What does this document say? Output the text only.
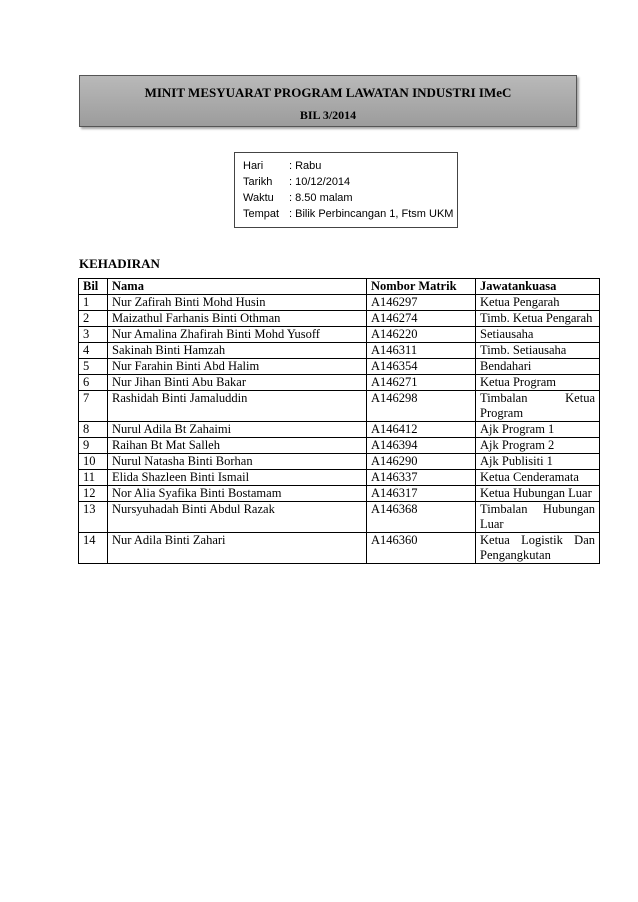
MINIT MESYUARAT PROGRAM LAWATAN INDUSTRI IMeC
BIL 3/2014
Hari	: Rabu
Tarikh	: 10/12/2014
Waktu	: 8.50 malam
Tempat : Bilik Perbincangan 1, Ftsm UKM
KEHADIRAN
Bil	Nama	Nombor Matrik	Jawatankuasa
1	Nur Zafirah Binti Mohd Husin	A146297	Ketua Pengarah
2	Maizathul Farhanis Binti Othman	A146274	Timb. Ketua Pengarah
3	Nur Amalina Zhafirah Binti Mohd Yusoff	A146220	Setiausaha
4	Sakinah Binti Hamzah	A146311	Timb. Setiausaha
5	Nur Farahin Binti Abd Halim	A146354	Bendahari
6	Nur Jihan Binti Abu Bakar	A146271	Ketua Program
7	Rashidah Binti Jamaluddin	A146298	Timbalan Ketua
Program

8	Nurul Adila Bt Zahaimi	A146412	Ajk Program 1
9	Raihan Bt Mat Salleh	A146394	Ajk Program 2
10	Nurul Natasha Binti Borhan	A146290	Ajk Publisiti 1
11	Elida Shazleen Binti Ismail	A146337	Ketua Cenderamata
12	Nor Alia Syafika Binti Bostamam	A146317	Ketua Hubungan Luar
13	Nursyuhadah Binti Abdul Razak	A146368	Timbalan Hubungan
Luar

14	Nur Adila Binti Zahari	A146360	Ketua Logistik Dan
Pengangkutan
